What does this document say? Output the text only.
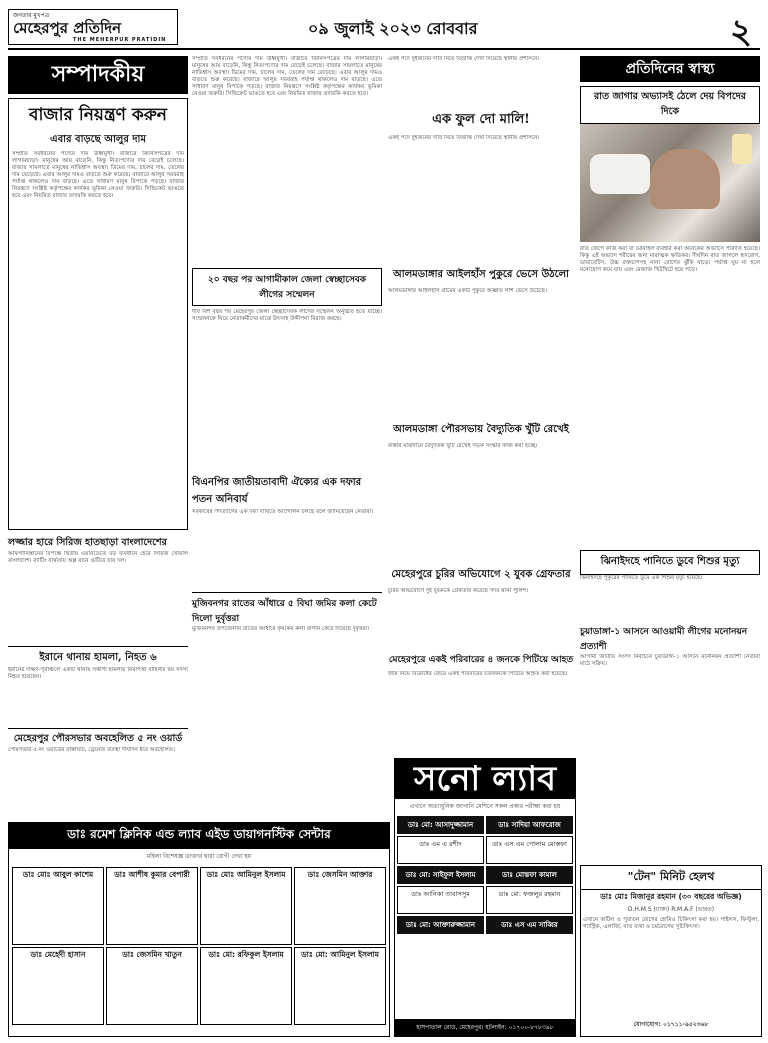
জনতার মুখপত্র
মেহেরপুর প্রতিদিন
THE MEHERPUR PRATIDIN
০৯ জুলাই ২০২৩ রোববার	২
সম্পাদকীয়
বাজার নিয়ন্ত্রণ করুন
এবার বাড়ছে আলুর দাম
সম্প্রতি সবধরনের পণ্যের দাম ঊর্ধ্বমুখী। বাজারে জিনিসপত্রের দাম লাগামছাড়া। মানুষের আয় বাড়েনি, কিন্তু নিত্যপণ্যের দাম বেড়েই চলেছে। বাজার সামলাতে মানুষের নাভিশ্বাস অবস্থা। ডিমের দাম, চালের দাম, তেলের দাম বেড়েছে। এবার আলুর দামও বাড়তে শুরু করেছে। বাজারে আলুর সরবরাহ পর্যাপ্ত থাকলেও দাম বাড়ছে। এতে সাধারণ মানুষ বিপাকে পড়ছে। বাজার নিয়ন্ত্রণে সংশ্লিষ্ট কর্তৃপক্ষের কার্যকর ভূমিকা নেওয়া জরুরি। সিন্ডিকেট ভাঙতে হবে এবং নিয়মিত বাজার তদারকি করতে হবে।
লজ্জার হারে সিরিজ হাতছাড়া বাংলাদেশের
আফগানিস্তানের বিপক্ষে দ্বিতীয় ওয়ানডেতে বড় ব্যবধানে হেরে সিরিজ খোয়াল বাংলাদেশ। ব্যাটিং ব্যর্থতায় অল্প রানে গুটিয়ে যায় দল।
ইরানে থানায় হামলা, নিহত ৬
ইরানের দক্ষিণ-পূর্বাঞ্চলে একটি থানায় সন্ত্রাসী হামলায় নিরাপত্তা বাহিনীর ছয় সদস্য নিহত হয়েছেন।
মেহেরপুর পৌরসভার অবহেলিত ৫ নং ওয়ার্ড
পৌরসভার ৫ নং ওয়ার্ডের রাস্তাঘাট, ড্রেনেজ ব্যবস্থা দীর্ঘদিন ধরে অবহেলিত।
সম্প্রতি সবধরনের পণ্যের দাম ঊর্ধ্বমুখী। বাজারে জিনিসপত্রের দাম লাগামছাড়া। মানুষের আয় বাড়েনি, কিন্তু নিত্যপণ্যের দাম বেড়েই চলেছে। বাজার সামলাতে মানুষের নাভিশ্বাস অবস্থা। ডিমের দাম, চালের দাম, তেলের দাম বেড়েছে। এবার আলুর দামও বাড়তে শুরু করেছে। বাজারে আলুর সরবরাহ পর্যাপ্ত থাকলেও দাম বাড়ছে। এতে সাধারণ মানুষ বিপাকে পড়ছে। বাজার নিয়ন্ত্রণে সংশ্লিষ্ট কর্তৃপক্ষের কার্যকর ভূমিকা নেওয়া জরুরি। সিন্ডিকেট ভাঙতে হবে এবং নিয়মিত বাজার তদারকি করতে হবে।
২০ বছর পর আগামীকাল জেলা স্বেচ্ছাসেবক লীগের সম্মেলন
দীর্ঘ বিশ বছর পর মেহেরপুর জেলা স্বেচ্ছাসেবক লীগের সম্মেলন অনুষ্ঠিত হতে যাচ্ছে। সম্মেলনকে ঘিরে নেতাকর্মীদের মাঝে উৎসাহ উদ্দীপনা বিরাজ করছে।
বিএনপির জাতীয়তাবাদী ঐক্যের এক দফার পতন অনিবার্য
সরকারের পদত্যাগের এক দফা দাবিতে আন্দোলন চলছে বলে জানিয়েছেন নেতারা।
মুজিবনগর রাতের আঁধারে ৫ বিঘা জমির কলা কেটে দিলো দুর্বৃত্তরা
মুজিবনগর উপজেলায় রাতের আঁধারে কৃষকের কলা বাগান কেটে দিয়েছে দুর্বৃত্তরা।
একই পদে দুইজনের দাবি নিয়ে বিভ্রান্তি দেখা দিয়েছে স্থানীয় প্রশাসনে।
এক ফুল দো মালি!
একই পদে দুইজনের দাবি নিয়ে বিভ্রান্তি দেখা দিয়েছে স্থানীয় প্রশাসনে।
আলমডাঙ্গার আইলহাঁস পুকুরে ভেসে উঠলো
আলমডাঙ্গার আইলহাঁস গ্রামের একটি পুকুরে অজ্ঞাত লাশ ভেসে উঠেছে।
আলমডাঙ্গা পৌরসভায় বৈদ্যুতিক খুঁটি রেখেই
রাস্তার মাঝখানে বৈদ্যুতিক খুঁটি রেখেই সড়ক সংস্কার কাজ করা হচ্ছে।
মেহেরপুরে চুরির অভিযোগে ২ যুবক গ্রেফতার
চুরির অভিযোগে দুই যুবককে গ্রেফতার করেছে সদর থানা পুলিশ।
মেহেরপুরে একই পরিবারের ৪ জনকে পিটিয়ে আহত
জমি নিয়ে বিরোধের জেরে একই পরিবারের চারজনকে পিটিয়ে আহত করা হয়েছে।
প্রতিদিনের স্বাস্থ্য
রাত জাগার অভ্যাসই ঠেলে দেয় বিপদের দিকে
রাত জেগে কাজ করা বা মোবাইল ব্যবহার করা অনেকের অভ্যাসে পরিণত হয়েছে। কিন্তু এই অভ্যাস শরীরের জন্য মারাত্মক ক্ষতিকর। দীর্ঘদিন রাত জাগলে হৃদরোগ, ডায়াবেটিস, উচ্চ রক্তচাপসহ নানা রোগের ঝুঁকি বাড়ে। পর্যাপ্ত ঘুম না হলে মনোযোগ কমে যায় এবং মেজাজ খিটখিটে হয়ে পড়ে।
ঝিনাইদহে পানিতে ডুবে শিশুর মৃত্যু
ঝিনাইদহে পুকুরের পানিতে ডুবে এক শিশুর মৃত্যু হয়েছে।
চুয়াডাঙ্গা-১ আসনে আওয়ামী লীগের মনোনয়ন প্রত্যাশী
আগামী জাতীয় সংসদ নির্বাচনে চুয়াডাঙ্গা-১ আসনে মনোনয়ন প্রত্যাশী নেতারা মাঠে সক্রিয়।
ডাঃ রমেশ ক্লিনিক এন্ড ল্যাব এইড ডায়াগনস্টিক সেন্টার
মহিলা বিশেষজ্ঞ ডাক্তার দ্বারা রোগী দেখা হয়
ডাঃ মোঃ আবুল কাশেম	ডাঃ আশীষ কুমার বেপারী	ডাঃ মোঃ আমিনুল ইসলাম	ডাঃ জেসমিন আক্তার
ডাঃ মেহেদী হাসান	ডাঃ জেসমিন খাতুন	ডাঃ মো: রফিকুল ইসলাম	ডাঃ মো: আমিনুল ইসলাম
সনো ল্যাব
এখানে অত্যাধুনিক জাপানি মেশিনে সকল প্রকার পরীক্ষা করা হয়
ডাঃ মো: আসাদুজ্জামান	ডাঃ সাদিয়া আফরোজ
ডাঃ এম এ রশীদ	ডাঃ এস.এম গোলাম মোস্তফা
ডাঃ মো: সাইফুল ইসলাম	ডাঃ মোস্তফা কামাল
ডাঃ আনিকা তাবাসসুম	ডাঃ মো: ফজলুর রহমান
ডাঃ মো: আক্তারুজ্জামান	ডাঃ এস এম সাব্বির
হাসপাতাল রোড, মেহেরপুর। হটলাইন: ০১৭০০-৮৭৮৩৯৮
"টেন" মিনিট হেলথ
ডাঃ মোঃ মিজানুর রহমান (৩০ বছরের অভিজ্ঞ)
D.H.M.S (ঢাকা) R.M.A.F (ভারত)
এখানে জটিল ও পুরাতন রোগের হোমিও চিকিৎসা করা হয়। পাইলস, ফিস্টুলা, গ্যাস্ট্রিক, এলার্জি, বাত ব্যথা ও চর্মরোগের সুচিকিৎসা।
যোগাযোগ: ০১৭১১-৯৫২৩৬৮
